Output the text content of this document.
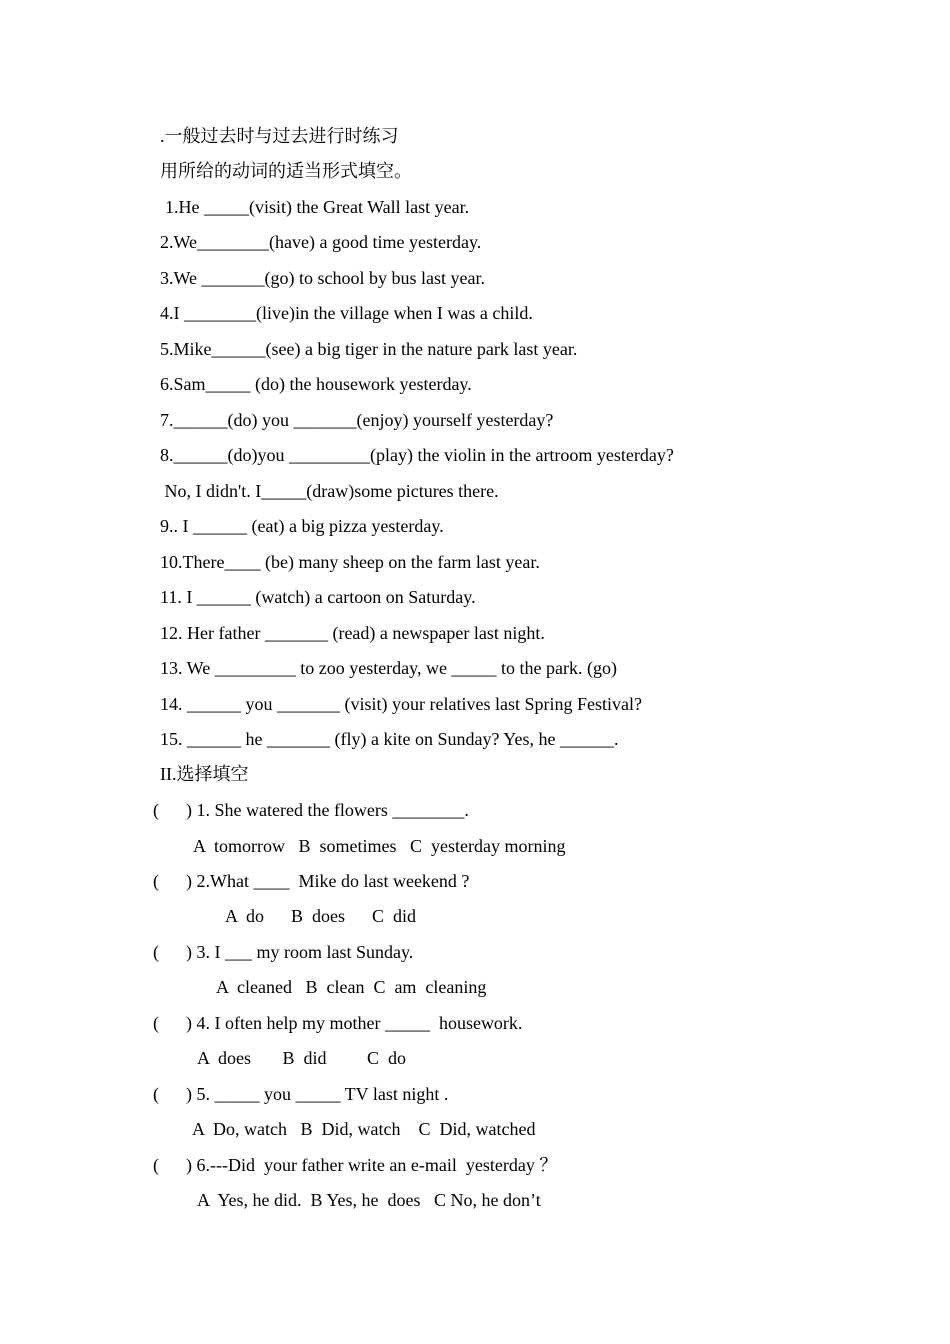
.一般过去时与过去进行时练习
用所给的动词的适当形式填空。
1.He _____(visit) the Great Wall last year.
2.We________(have) a good time yesterday.
3.We _______(go) to school by bus last year.
4.I ________(live)in the village when I was a child.
5.Mike______(see) a big tiger in the nature park last year.
6.Sam_____ (do) the housework yesterday.
7.______(do) you _______(enjoy) yourself yesterday?
8.______(do)you _________(play) the violin in the artroom yesterday?
No, I didn't. I_____(draw)some pictures there.
9.. I ______ (eat) a big pizza yesterday.
10.There____ (be) many sheep on the farm last year.
11. I ______ (watch) a cartoon on Saturday.
12. Her father _______ (read) a newspaper last night.
13. We _________ to zoo yesterday, we _____ to the park. (go)
14. ______ you _______ (visit) your relatives last Spring Festival?
15. ______ he _______ (fly) a kite on Sunday? Yes, he ______.
II.选择填空
(      ) 1. She watered the flowers ________.
A  tomorrow   B  sometimes   C  yesterday morning
(      ) 2.What ____  Mike do last weekend ?
A  do      B  does      C  did
(      ) 3. I ___ my room last Sunday.
A  cleaned   B  clean  C  am  cleaning
(      ) 4. I often help my mother _____  housework.
A  does       B  did         C  do
(      ) 5. _____ you _____ TV last night .
A  Do, watch   B  Did, watch    C  Did, watched
(      ) 6.---Did  your father write an e-mail  yesterday ？
A  Yes, he did.  B Yes, he  does   C No, he don’t
